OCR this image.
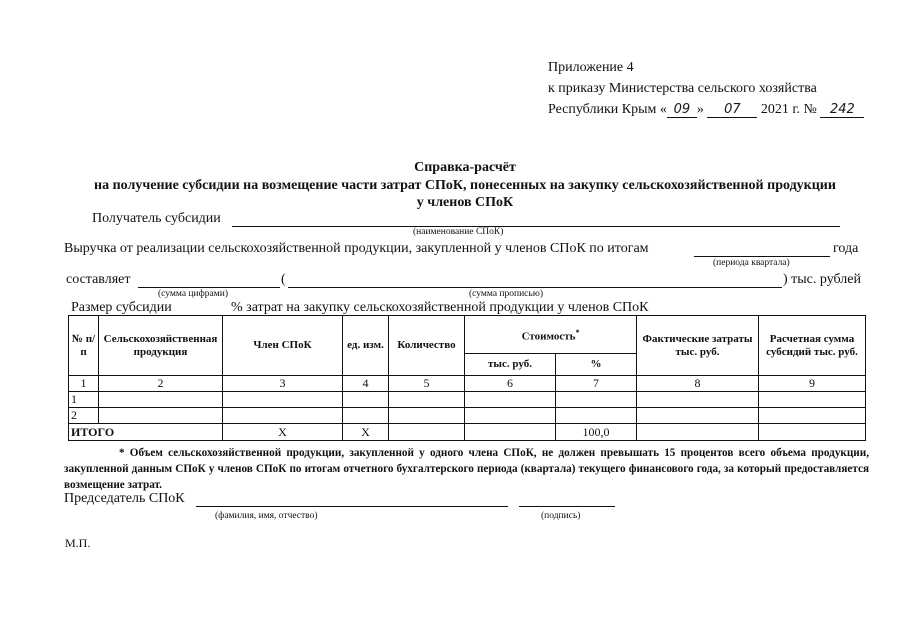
Приложение 4
к приказу Министерства сельского хозяйства
Республики Крым « 09 » 07 2021 г. № 242
Справка-расчёт
на получение субсидии на возмещение части затрат СПоК, понесенных на закупку сельскохозяйственной продукции
у членов СПоК
Получатель субсидии
(наименование СПоК)
Выручка от реализации сельскохозяйственной продукции, закупленной у членов СПоК по итогам	года
(периода квартала)
составляет	(	) тыс. рублей
(сумма цифрами)	(сумма прописью)
Размер субсидии	% затрат на закупку сельскохозяйственной продукции у членов СПоК
№ п/п	Сельскохозяйственная продукция	Член СПоК	ед. изм.	Количество	Стоимость*		Фактические затраты тыс. руб.	Расчетная сумма субсидий тыс. руб.
					тыс. руб.	%		
1	2	3	4	5	6	7	8	9
1								
2								
ИТОГО		Х	Х			100,0		
* Объем сельскохозяйственной продукции, закупленной у одного члена СПоК, не должен превышать 15 процентов всего объема продукции, закупленной данным СПоК у членов СПоК по итогам отчетного бухгалтерского периода (квартала) текущего финансового года, за который предоставляется возмещение затрат.
Председатель СПоК
(фамилия, имя, отчество)	(подпись)
М.П.
